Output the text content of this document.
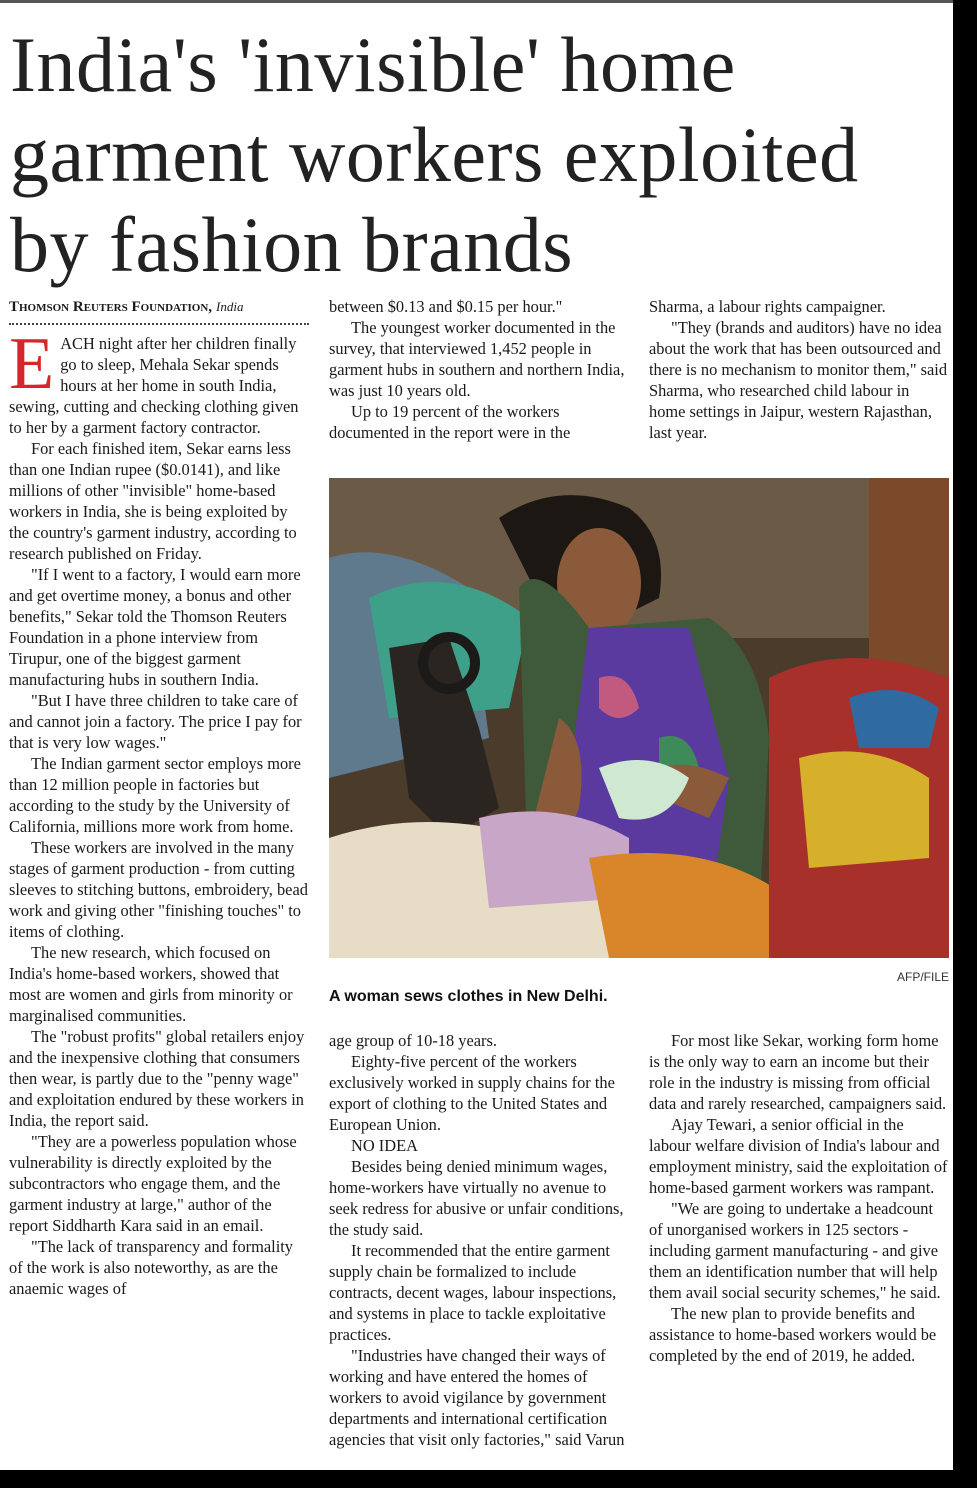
India's 'invisible' home garment workers exploited by fashion brands
Thomson Reuters Foundation, India

EACH night after her children finally go to sleep, Mehala Sekar spends hours at her home in south India, sewing, cutting and checking clothing given to her by a garment factory contractor.

For each finished item, Sekar earns less than one Indian rupee ($0.0141), and like millions of other "invisible" home-based workers in India, she is being exploited by the country's garment industry, according to research published on Friday.

"If I went to a factory, I would earn more and get overtime money, a bonus and other benefits," Sekar told the Thomson Reuters Foundation in a phone interview from Tirupur, one of the biggest garment manufacturing hubs in southern India.

"But I have three children to take care of and cannot join a factory. The price I pay for that is very low wages."

The Indian garment sector employs more than 12 million people in factories but according to the study by the University of California, millions more work from home.

These workers are involved in the many stages of garment production - from cutting sleeves to stitching buttons, embroidery, bead work and giving other "finishing touches" to items of clothing.

The new research, which focused on India's home-based workers, showed that most are women and girls from minority or marginalised communities.

The "robust profits" global retailers enjoy and the inexpensive clothing that consumers then wear, is partly due to the "penny wage" and exploitation endured by these workers in India, the report said.

"They are a powerless population whose vulnerability is directly exploited by the subcontractors who engage them, and the garment industry at large," author of the report Siddharth Kara said in an email.

"The lack of transparency and formality of the work is also noteworthy, as are the anaemic wages of

between $0.13 and $0.15 per hour."

The youngest worker documented in the survey, that interviewed 1,452 people in garment hubs in southern and northern India, was just 10 years old.

Up to 19 percent of the workers documented in the report were in the

Sharma, a labour rights campaigner.

"They (brands and auditors) have no idea about the work that has been outsourced and there is no mechanism to monitor them," said Sharma, who researched child labour in home settings in Jaipur, western Rajasthan, last year.

AFP/FILE
A woman sews clothes in New Delhi.

age group of 10-18 years.

Eighty-five percent of the workers exclusively worked in supply chains for the export of clothing to the United States and European Union.

NO IDEA

Besides being denied minimum wages, home-workers have virtually no avenue to seek redress for abusive or unfair conditions, the study said.

It recommended that the entire garment supply chain be formalized to include contracts, decent wages, labour inspections, and systems in place to tackle exploitative practices.

"Industries have changed their ways of working and have entered the homes of workers to avoid vigilance by government departments and international certification agencies that visit only factories," said Varun

For most like Sekar, working form home is the only way to earn an income but their role in the industry is missing from official data and rarely researched, campaigners said.

Ajay Tewari, a senior official in the labour welfare division of India's labour and employment ministry, said the exploitation of home-based garment workers was rampant.

"We are going to undertake a headcount of unorganised workers in 125 sectors - including garment manufacturing - and give them an identification number that will help them avail social security schemes," he said.

The new plan to provide benefits and assistance to home-based workers would be completed by the end of 2019, he added.
